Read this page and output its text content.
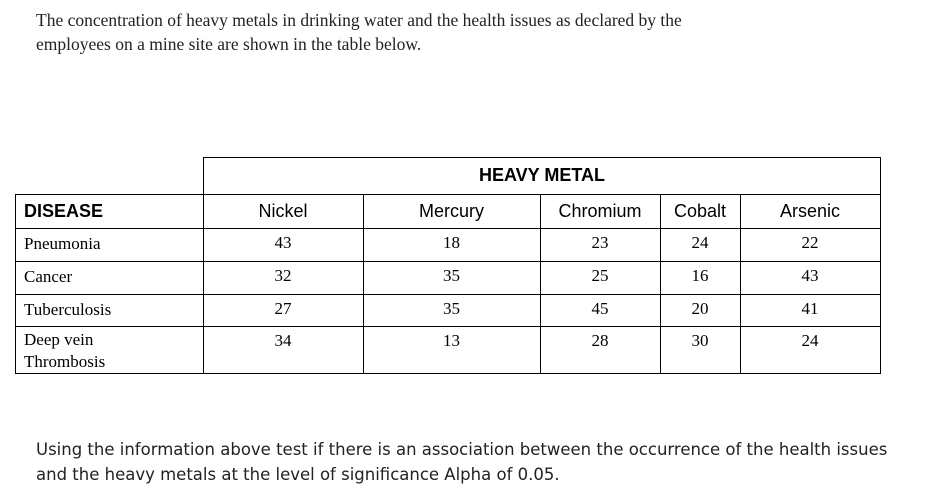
The concentration of heavy metals in drinking water and the health issues as declared by the

employees on a mine site are shown in the table below.

HEAVY METAL
DISEASE	Nickel	Mercury	Chromium	Cobalt	Arsenic
Pneumonia	43	18	23	24	22
Cancer	32	35	25	16	43
Tuberculosis	27	35	45	20	41
Deep vein
Thrombosis
34	13	28	30	24

Using the information above test if there is an association between the occurrence of the health issues

and the heavy metals at the level of significance Alpha of 0.05.
